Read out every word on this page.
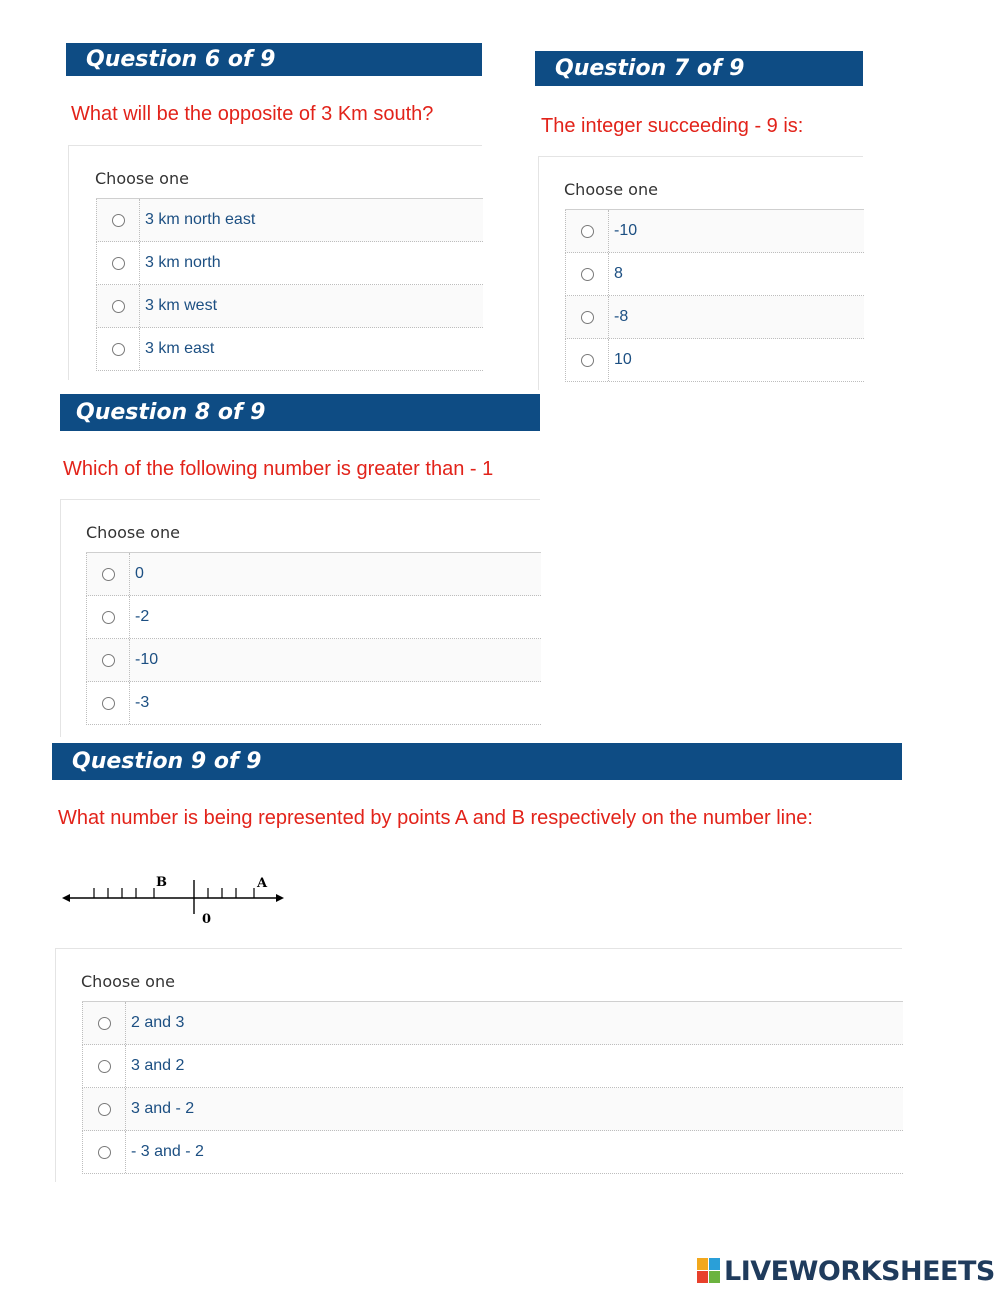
Question 6 of 9
What will be the opposite of 3 Km south?
Choose one
3 km north east
3 km north
3 km west
3 km east
Question 7 of 9
The integer succeeding - 9 is:
Choose one
-10
8
-8
10
Question 8 of 9
Which of the following number is greater than - 1
Choose one
0
-2
-10
-3
Question 9 of 9
What number is being represented by points A and B respectively on the number line:
B	A
0
Choose one
2 and 3
3 and 2
3 and - 2
- 3 and - 2
LIVEWORKSHEETS
